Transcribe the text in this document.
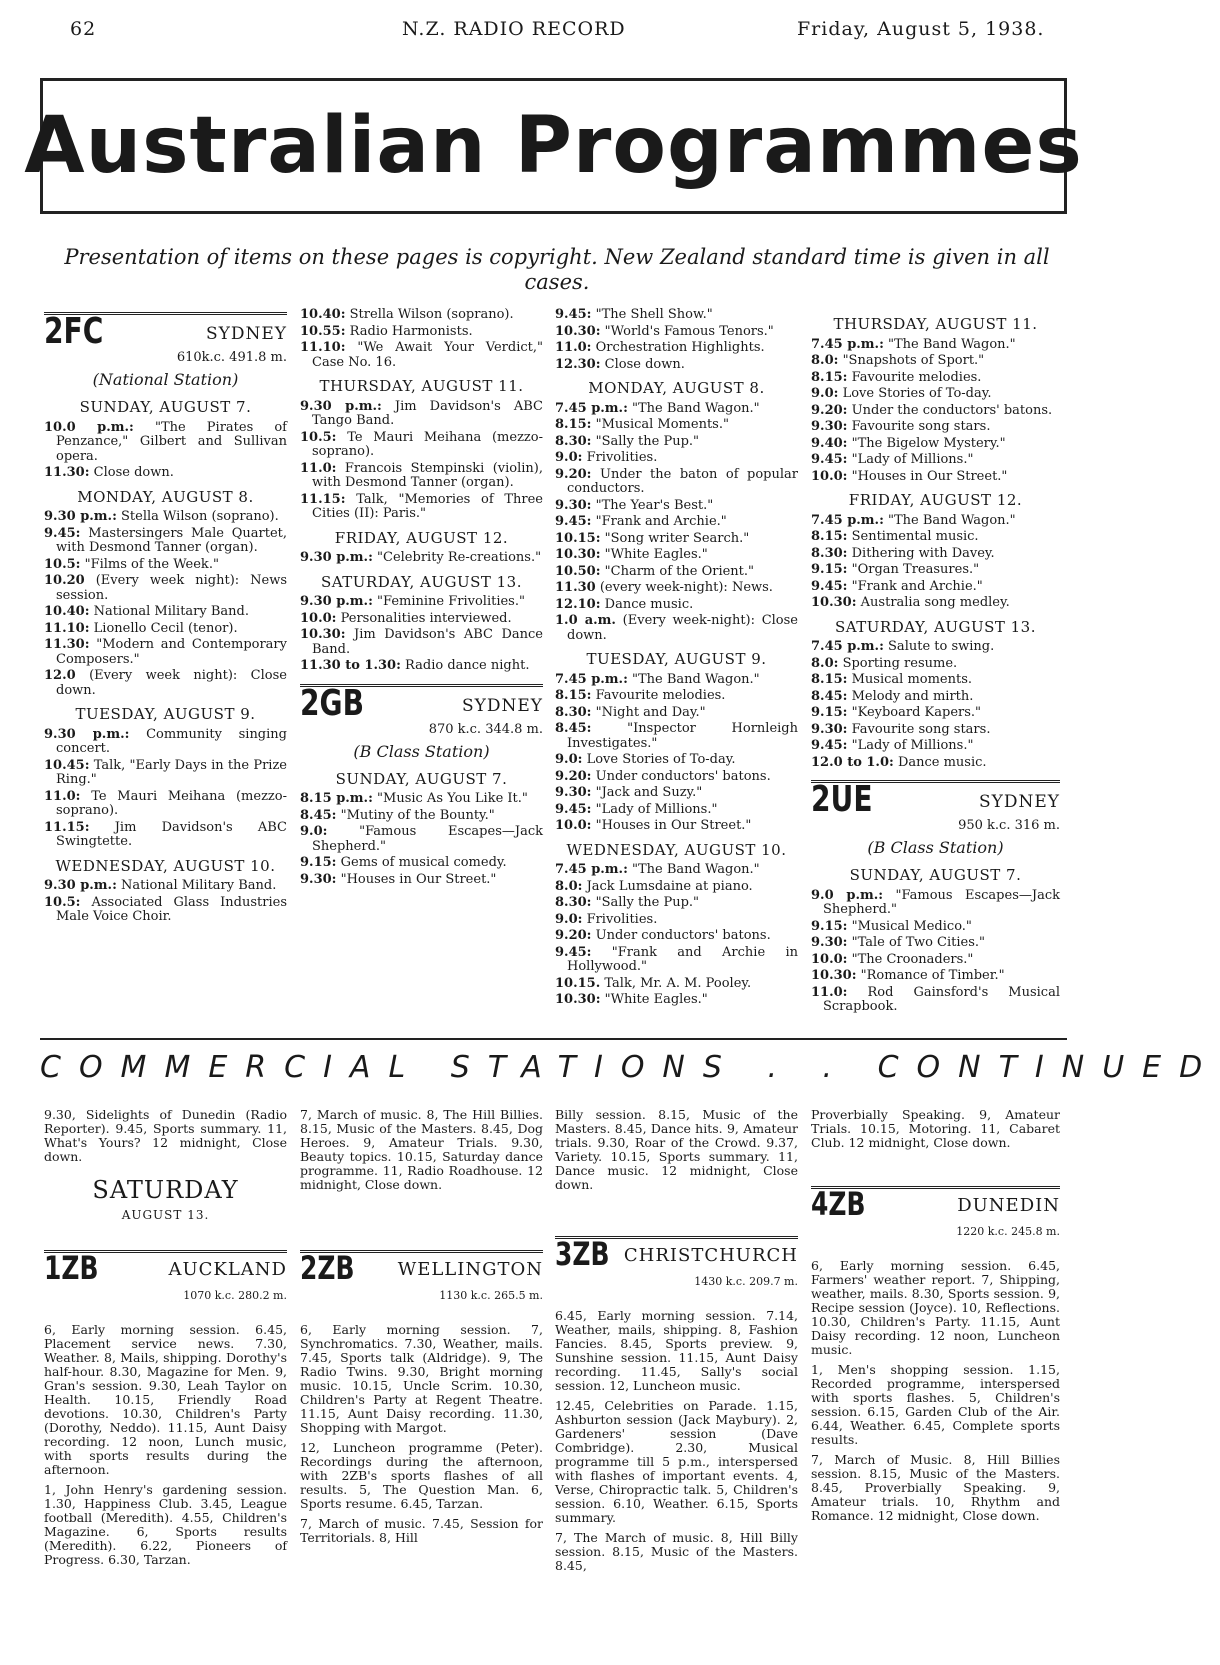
62	N.Z. RADIO RECORD	Friday, August 5, 1938.
Australian Programmes
Presentation of items on these pages is copyright. New Zealand standard time is given in all cases.
2FC	SYDNEY
610k.c. 491.8 m.
(National Station)
SUNDAY, AUGUST 7.

10.0 p.m.: "The Pirates of Penzance," Gilbert and Sullivan opera.

11.30: Close down.

MONDAY, AUGUST 8.

9.30 p.m.: Stella Wilson (soprano).

9.45: Mastersingers Male Quartet, with Desmond Tanner (organ).

10.5: "Films of the Week."

10.20 (Every week night): News session.

10.40: National Military Band.

11.10: Lionello Cecil (tenor).

11.30: "Modern and Contemporary Composers."

12.0 (Every week night): Close down.

TUESDAY, AUGUST 9.

9.30 p.m.: Community singing concert.

10.45: Talk, "Early Days in the Prize Ring."

11.0: Te Mauri Meihana (mezzo-soprano).

11.15: Jim Davidson's ABC Swingtette.

WEDNESDAY, AUGUST 10.

9.30 p.m.: National Military Band.

10.5: Associated Glass Industries Male Voice Choir.

10.40: Strella Wilson (soprano).

10.55: Radio Harmonists.

11.10: "We Await Your Verdict," Case No. 16.

THURSDAY, AUGUST 11.

9.30 p.m.: Jim Davidson's ABC Tango Band.

10.5: Te Mauri Meihana (mezzo-soprano).

11.0: Francois Stempinski (violin), with Desmond Tanner (organ).

11.15: Talk, "Memories of Three Cities (II): Paris."

FRIDAY, AUGUST 12.

9.30 p.m.: "Celebrity Re-creations."

SATURDAY, AUGUST 13.

9.30 p.m.: "Feminine Frivolities."

10.0: Personalities interviewed.

10.30: Jim Davidson's ABC Dance Band.

11.30 to 1.30: Radio dance night.

2GB	SYDNEY
870 k.c. 344.8 m.
(B Class Station)
SUNDAY, AUGUST 7.

8.15 p.m.: "Music As You Like It."

8.45: "Mutiny of the Bounty."

9.0: "Famous Escapes—Jack Shepherd."

9.15: Gems of musical comedy.

9.30: "Houses in Our Street."

9.45: "The Shell Show."

10.30: "World's Famous Tenors."

11.0: Orchestration Highlights.

12.30: Close down.

MONDAY, AUGUST 8.

7.45 p.m.: "The Band Wagon."

8.15: "Musical Moments."

8.30: "Sally the Pup."

9.0: Frivolities.

9.20: Under the baton of popular conductors.

9.30: "The Year's Best."

9.45: "Frank and Archie."

10.15: "Song writer Search."

10.30: "White Eagles."

10.50: "Charm of the Orient."

11.30 (every week-night): News.

12.10: Dance music.

1.0 a.m. (Every week-night): Close down.

TUESDAY, AUGUST 9.

7.45 p.m.: "The Band Wagon."

8.15: Favourite melodies.

8.30: "Night and Day."

8.45:	"Inspector Hornleigh Investigates."

9.0: Love Stories of To-day.

9.20: Under conductors' batons.

9.30: "Jack and Suzy."

9.45: "Lady of Millions."

10.0: "Houses in Our Street."

WEDNESDAY, AUGUST 10.

7.45 p.m.: "The Band Wagon."

8.0: Jack Lumsdaine at piano.

8.30: "Sally the Pup."

9.0: Frivolities.

9.20: Under conductors' batons.

9.45: "Frank and Archie in Hollywood."

10.15. Talk, Mr. A. M. Pooley.

10.30: "White Eagles."

THURSDAY, AUGUST 11.

7.45 p.m.: "The Band Wagon."

8.0: "Snapshots of Sport."

8.15: Favourite melodies.

9.0: Love Stories of To-day.

9.20: Under the conductors' batons.

9.30: Favourite song stars.

9.40: "The Bigelow Mystery."

9.45: "Lady of Millions."

10.0: "Houses in Our Street."

FRIDAY, AUGUST 12.

7.45 p.m.: "The Band Wagon."

8.15: Sentimental music.

8.30: Dithering with Davey.

9.15: "Organ Treasures."

9.45: "Frank and Archie."

10.30: Australia song medley.

SATURDAY, AUGUST 13.

7.45 p.m.: Salute to swing.

8.0: Sporting resume.

8.15: Musical moments.

8.45: Melody and mirth.

9.15: "Keyboard Kapers."

9.30: Favourite song stars.

9.45: "Lady of Millions."

12.0 to 1.0: Dance music.

2UE	SYDNEY
950 k.c. 316 m.
(B Class Station)
SUNDAY, AUGUST 7.

9.0 p.m.: "Famous Escapes—Jack Shepherd."

9.15: "Musical Medico."

9.30: "Tale of Two Cities."

10.0: "The Croonaders."

10.30: "Romance of Timber."

11.0: Rod Gainsford's Musical Scrapbook.

COMMERCIAL STATIONS . . CONTINUED
9.30, Sidelights of Dunedin (Radio Reporter). 9.45, Sports summary. 11, What's Yours? 12 midnight, Close down.
SATURDAY
AUGUST 13.
7, March of music. 8, The Hill Billies. 8.15, Music of the Masters. 8.45, Dog Heroes. 9, Amateur Trials. 9.30, Beauty topics. 10.15, Saturday dance programme. 11, Radio Roadhouse. 12 midnight, Close down.
Billy session. 8.15, Music of the Masters. 8.45, Dance hits. 9, Amateur trials. 9.30, Roar of the Crowd. 9.37, Variety. 10.15, Sports summary. 11, Dance music. 12 midnight, Close down.
Proverbially Speaking. 9, Amateur Trials. 10.15, Motoring. 11, Cabaret Club. 12 midnight, Close down.
1ZB	AUCKLAND
1070 k.c. 280.2 m.

6, Early morning session. 6.45, Placement service news. 7.30, Weather. 8, Mails, shipping. Dorothy's half-hour. 8.30, Magazine for Men. 9, Gran's session. 9.30, Leah Taylor on Health. 10.15, Friendly Road devotions. 10.30, Children's Party (Dorothy, Neddo). 11.15, Aunt Daisy recording. 12 noon, Lunch music, with sports results during the afternoon.

1, John Henry's gardening session. 1.30, Happiness Club. 3.45, League football (Meredith). 4.55, Children's Magazine. 6, Sports results (Meredith). 6.22, Pioneers of Progress. 6.30, Tarzan.

2ZB WELLINGTON
1130 k.c. 265.5 m.

6, Early morning session. 7, Synchromatics. 7.30, Weather, mails. 7.45, Sports talk (Aldridge). 9, The Radio Twins. 9.30, Bright morning music. 10.15, Uncle Scrim. 10.30, Children's Party at Regent Theatre. 11.15, Aunt Daisy recording. 11.30, Shopping with Margot.

12, Luncheon programme (Peter). Recordings during the afternoon, with 2ZB's sports flashes of all results. 5, The Question Man. 6, Sports resume. 6.45, Tarzan.

7, March of music. 7.45, Session for Territorials. 8, Hill

3ZB CHRISTCHURCH
1430 k.c. 209.7 m.

6.45, Early morning session. 7.14, Weather, mails, shipping. 8, Fashion Fancies. 8.45, Sports preview. 9, Sunshine session. 11.15, Aunt Daisy recording. 11.45, Sally's social session. 12, Luncheon music.

12.45, Celebrities on Parade. 1.15, Ashburton session (Jack Maybury). 2, Gardeners' session (Dave Combridge). 2.30, Musical programme till 5 p.m., interspersed with flashes of important events. 4, Verse, Chiropractic talk. 5, Children's session. 6.10, Weather. 6.15, Sports summary.

7, The March of music. 8, Hill Billy session. 8.15, Music of the Masters. 8.45,

4ZB	DUNEDIN
1220 k.c. 245.8 m.

6, Early morning session. 6.45, Farmers' weather report. 7, Shipping, weather, mails. 8.30, Sports session. 9, Recipe session (Joyce). 10, Reflections. 10.30, Children's Party. 11.15, Aunt Daisy recording. 12 noon, Luncheon music.

1, Men's shopping session. 1.15, Recorded programme, interspersed with sports flashes. 5, Children's session. 6.15, Garden Club of the Air. 6.44, Weather. 6.45, Complete sports results.

7, March of Music. 8, Hill Billies session. 8.15, Music of the Masters. 8.45, Proverbially Speaking. 9, Amateur trials. 10, Rhythm and Romance. 12 midnight, Close down.
